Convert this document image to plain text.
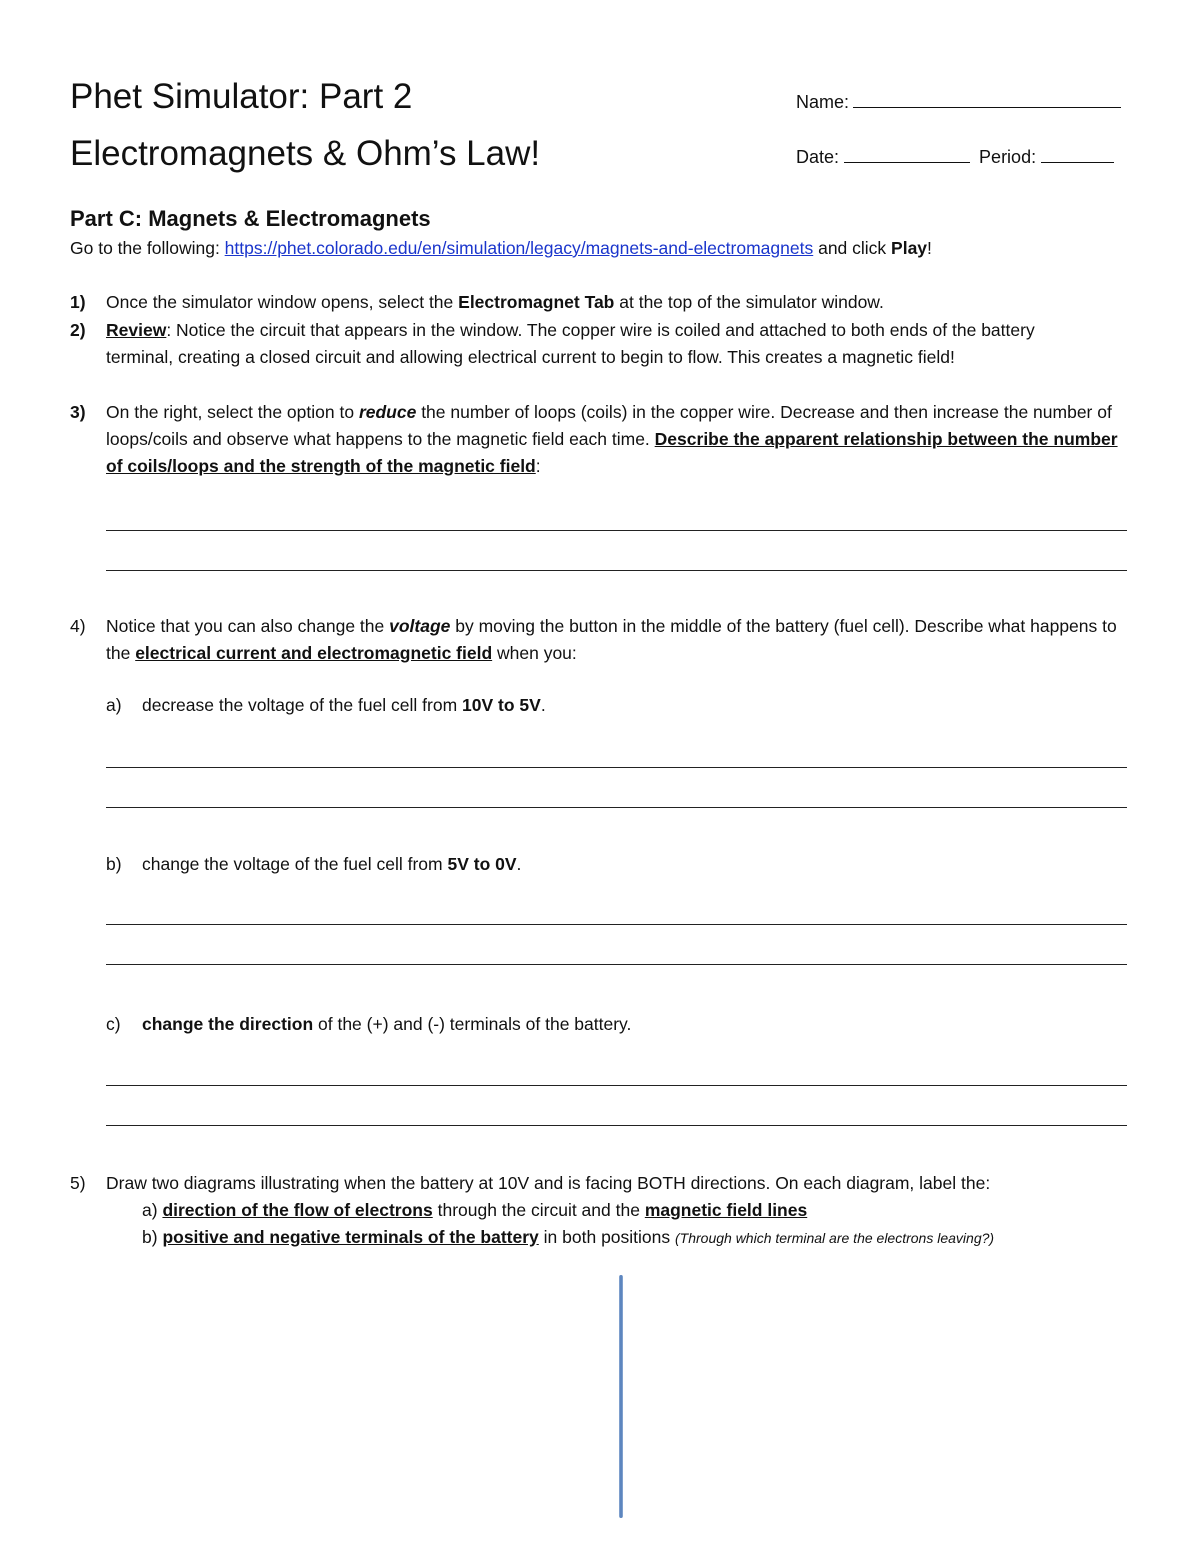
Phet Simulator: Part 2
Electromagnets & Ohm’s Law!
Name:
Date:	Period:
Part C: Magnets & Electromagnets
Go to the following: https://phet.colorado.edu/en/simulation/legacy/magnets-and-electromagnets and click Play!
1)	Once the simulator window opens, select the Electromagnet Tab at the top of the simulator window.
2)	Review: Notice the circuit that appears in the window. The copper wire is coiled and attached to both ends of the battery terminal, creating a closed circuit and allowing electrical current to begin to flow. This creates a magnetic field!
3)	On the right, select the option to reduce the number of loops (coils) in the copper wire. Decrease and then increase the number of loops/coils and observe what happens to the magnetic field each time. Describe the apparent relationship between the number of coils/loops and the strength of the magnetic field:
4)	Notice that you can also change the voltage by moving the button in the middle of the battery (fuel cell). Describe what happens to the electrical current and electromagnetic field when you:
a) decrease the voltage of the fuel cell from 10V to 5V.
b) change the voltage of the fuel cell from 5V to 0V.
c) change the direction of the (+) and (-) terminals of the battery.
5)	Draw two diagrams illustrating when the battery at 10V and is facing BOTH directions. On each diagram, label the:
a) direction of the flow of electrons through the circuit and the magnetic field lines
b) positive and negative terminals of the battery in both positions (Through which terminal are the electrons leaving?)
